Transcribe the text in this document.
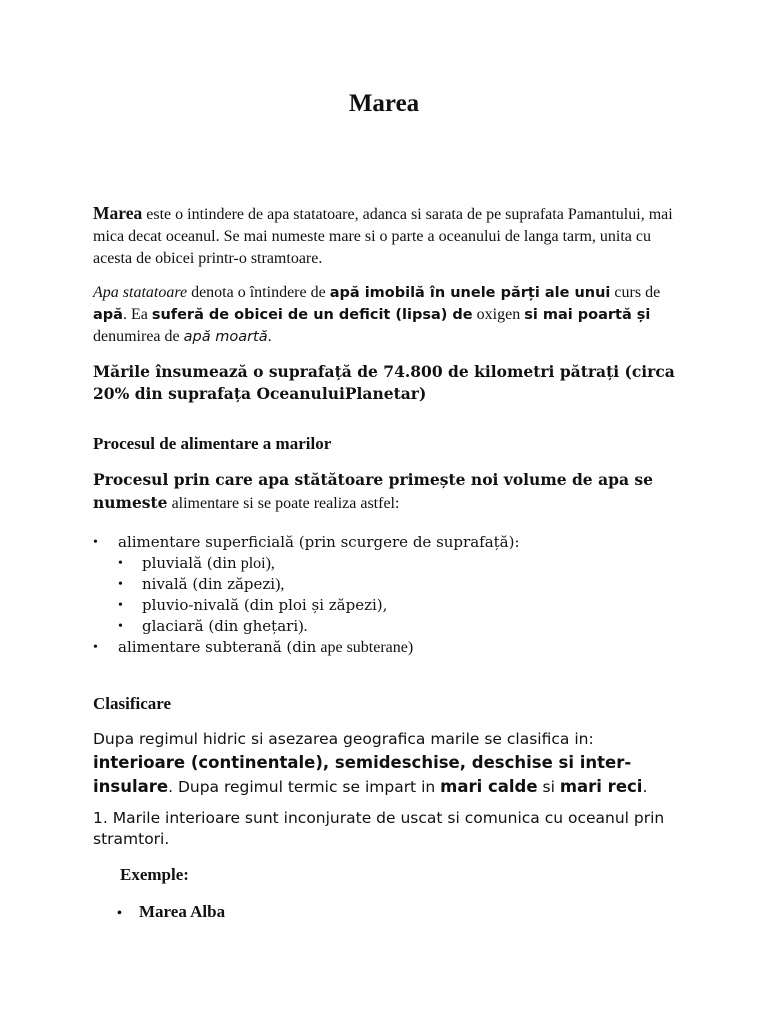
Marea
Marea este o intindere de apa statatoare, adanca si sarata de pe suprafata Pamantului, mai mica decat oceanul. Se mai numeste mare si o parte a oceanului de langa tarm, unita cu acesta de obicei printr-o stramtoare.
Apa statatoare denota o întindere de apă imobilă în unele părți ale unui curs de apă. Ea suferă de obicei de un deficit (lipsa) de oxigen si mai poartă și denumirea de apă moartă.
Mările însumează o suprafață de 74.800 de kilometri pătrați (circa 20% din suprafața OceanuluiPlanetar)
Procesul de alimentare a marilor
Procesul prin care apa stătătoare primește noi volume de apa se numeste alimentare si se poate realiza astfel:
• alimentare superficială (prin scurgere de suprafață):
• pluvială (din ploi),
• nivală (din zăpezi),
• pluvio-nivală (din ploi și zăpezi),
• glaciară (din ghețari).
• alimentare subterană (din ape subterane)
Clasificare
Dupa regimul hidric si asezarea geografica marile se clasifica in: interioare (continentale), semideschise, deschise si inter-insulare. Dupa regimul termic se impart in mari calde si mari reci.
1. Marile interioare sunt inconjurate de uscat si comunica cu oceanul prin stramtori.
Exemple:
• Marea Alba
